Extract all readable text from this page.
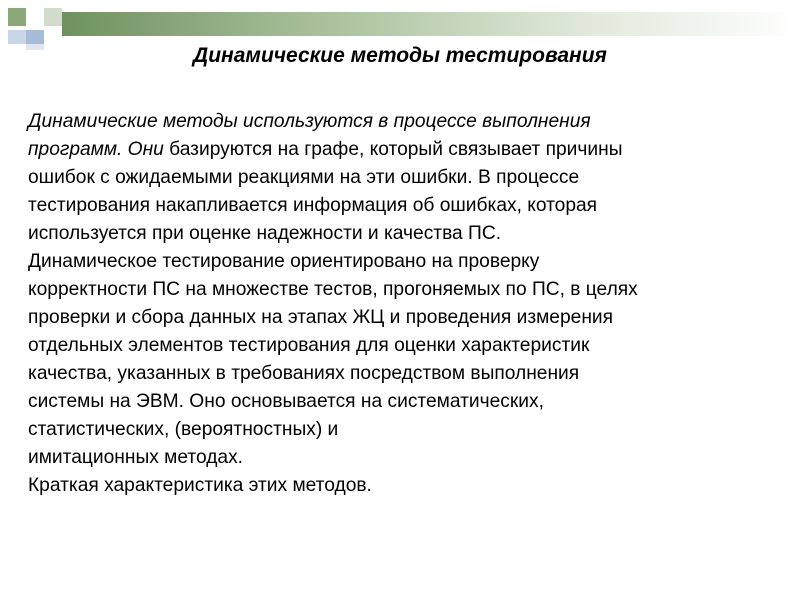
Динамические методы тестирования
Динамические методы используются в процессе выполнения
программ. Они базируются на графе, который связывает причины
ошибок с ожидаемыми реакциями на эти ошибки. В процессе
тестирования накапливается информация об ошибках, которая
используется при оценке надежности и качества ПС.
Динамическое тестирование ориентировано на проверку
корректности ПС на множестве тестов, прогоняемых по ПС, в целях
проверки и сбора данных на этапах ЖЦ и проведения измерения
отдельных элементов тестирования для оценки характеристик
качества, указанных в требованиях посредством выполнения
системы на ЭВМ. Оно основывается на систематических,
статистических, (вероятностных) и
имитационных методах.
Краткая характеристика этих методов.
